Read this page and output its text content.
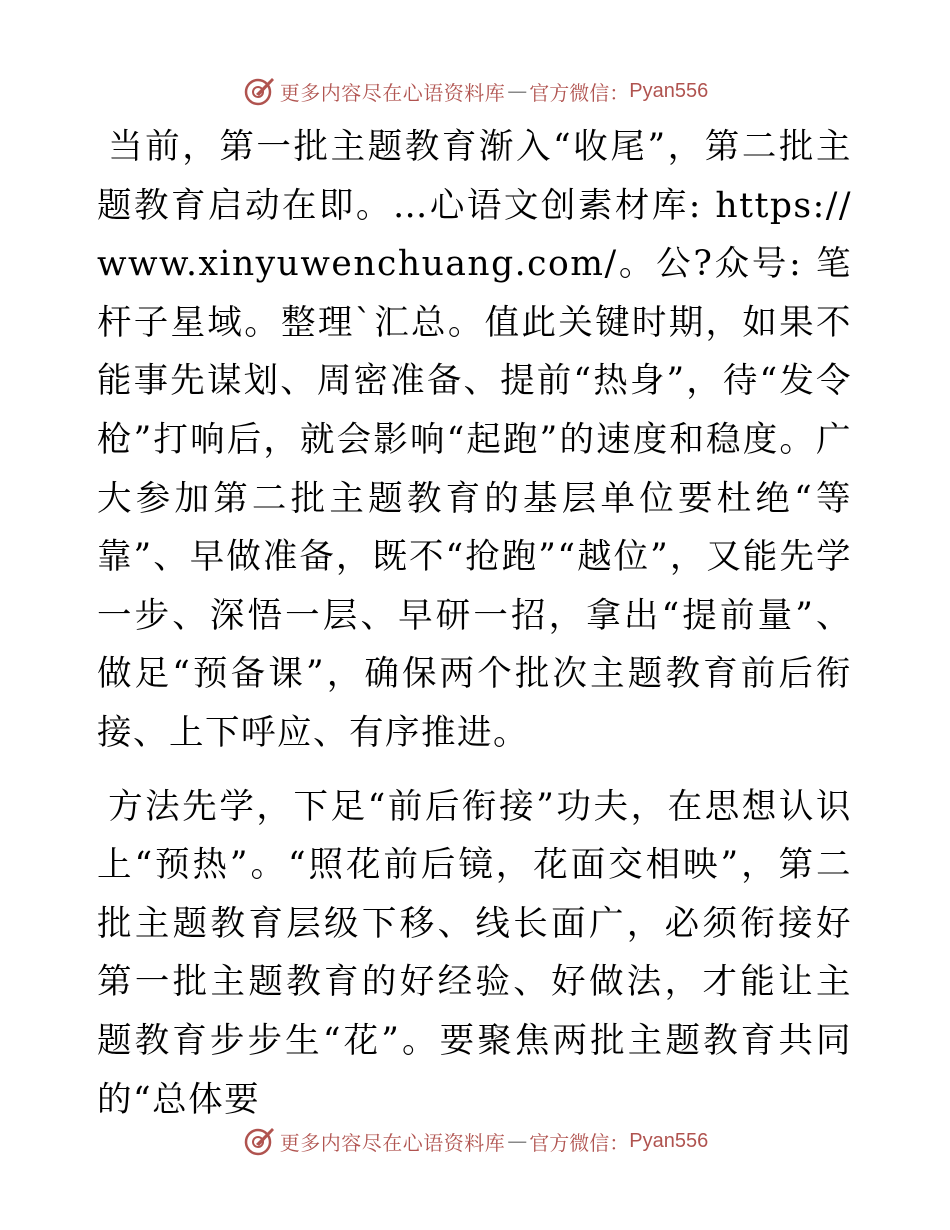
更多内容尽在心语资料库 — 官方微信： Pyan556

当前，第一批主题教育渐入“收尾”，第二批主题教育启动在即。…心语文创素材库: https://www.xinyuwenchuang.com/。公?众号: 笔杆子星域。整理`汇总。值此关键时期，如果不能事先谋划、周密准备、提前“热身”，待“发令枪”打响后，就会影响“起跑”的速度和稳度。广大参加第二批主题教育的基层单位要杜绝“等靠”、早做准备，既不“抢跑”“越位”，又能先学一步、深悟一层、早研一招，拿出“提前量”、做足“预备课”，确保两个批次主题教育前后衔接、上下呼应、有序推进。

方法先学，下足“前后衔接”功夫，在思想认识上“预热”。“照花前后镜，花面交相映”，第二批主题教育层级下移、线长面广，必须衔接好第一批主题教育的好经验、好做法，才能让主题教育步步生“花”。要聚焦两批主题教育共同的“总体要

更多内容尽在心语资料库 — 官方微信： Pyan556
